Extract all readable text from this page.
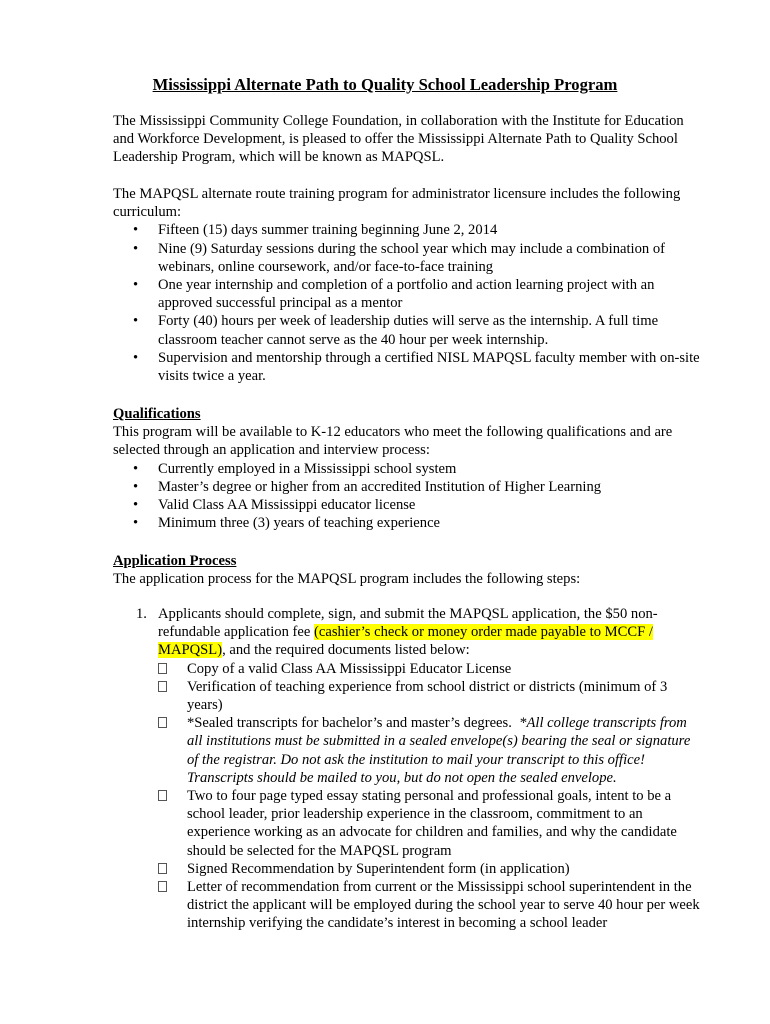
Mississippi Alternate Path to Quality School Leadership Program

The Mississippi Community College Foundation, in collaboration with the Institute for Education and Workforce Development, is pleased to offer the Mississippi Alternate Path to Quality School Leadership Program, which will be known as MAPQSL.

The MAPQSL alternate route training program for administrator licensure includes the following curriculum:
• Fifteen (15) days summer training beginning June 2, 2014
• Nine (9) Saturday sessions during the school year which may include a combination of webinars, online coursework, and/or face-to-face training
• One year internship and completion of a portfolio and action learning project with an approved successful principal as a mentor
• Forty (40) hours per week of leadership duties will serve as the internship. A full time classroom teacher cannot serve as the 40 hour per week internship.
• Supervision and mentorship through a certified NISL MAPQSL faculty member with on-site visits twice a year.
Qualifications
This program will be available to K-12 educators who meet the following qualifications and are selected through an application and interview process:
• Currently employed in a Mississippi school system
• Master’s degree or higher from an accredited Institution of Higher Learning
• Valid Class AA Mississippi educator license
• Minimum three (3) years of teaching experience
Application Process
The application process for the MAPQSL program includes the following steps:
1. Applicants should complete, sign, and submit the MAPQSL application, the $50 non-refundable application fee (cashier’s check or money order made payable to MCCF / MAPQSL), and the required documents listed below:
Copy of a valid Class AA Mississippi Educator License
Verification of teaching experience from school district or districts (minimum of 3 years)
*Sealed transcripts for bachelor’s and master’s degrees. *All college transcripts from all institutions must be submitted in a sealed envelope(s) bearing the seal or signature of the registrar. Do not ask the institution to mail your transcript to this office! Transcripts should be mailed to you, but do not open the sealed envelope.
Two to four page typed essay stating personal and professional goals, intent to be a school leader, prior leadership experience in the classroom, commitment to an experience working as an advocate for children and families, and why the candidate should be selected for the MAPQSL program
Signed Recommendation by Superintendent form (in application)
Letter of recommendation from current or the Mississippi school superintendent in the district the applicant will be employed during the school year to serve 40 hour per week internship verifying the candidate’s interest in becoming a school leader
